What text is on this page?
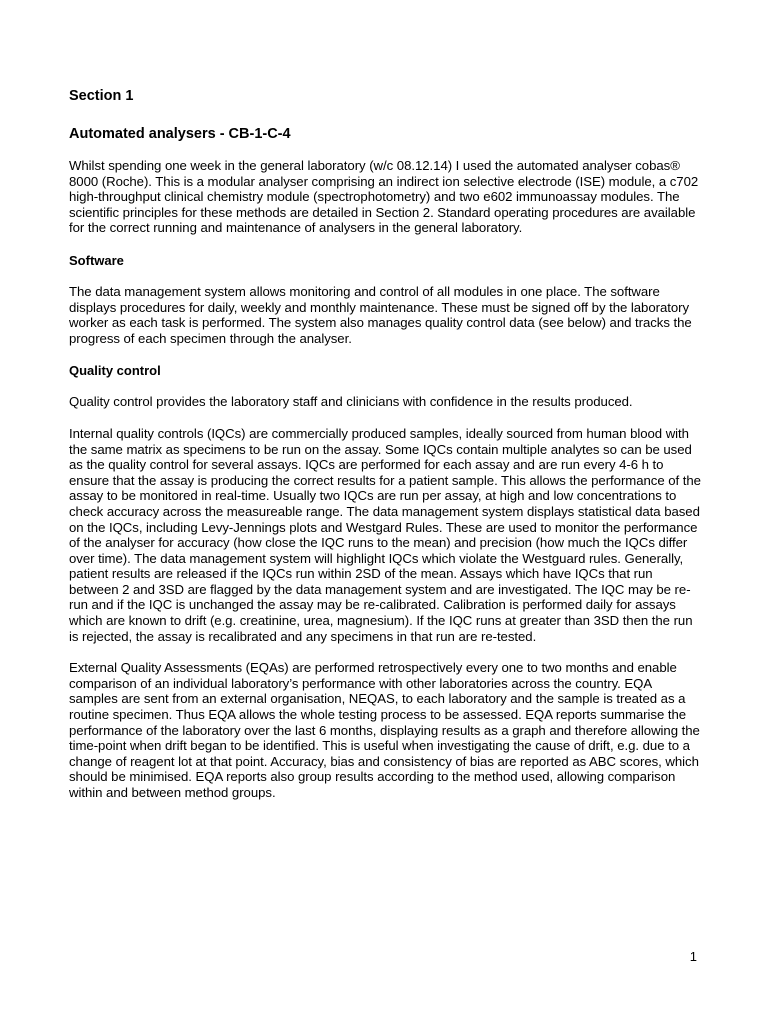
Section 1
Automated analysers - CB-1-C-4

Whilst spending one week in the general laboratory (w/c 08.12.14) I used the automated analyser cobas® 8000 (Roche). This is a modular analyser comprising an indirect ion selective electrode (ISE) module, a c702 high-throughput clinical chemistry module (spectrophotometry) and two e602 immunoassay modules. The scientific principles for these methods are detailed in Section 2. Standard operating procedures are available for the correct running and maintenance of analysers in the general laboratory.

Software

The data management system allows monitoring and control of all modules in one place. The software displays procedures for daily, weekly and monthly maintenance. These must be signed off by the laboratory worker as each task is performed. The system also manages quality control data (see below) and tracks the progress of each specimen through the analyser.

Quality control

Quality control provides the laboratory staff and clinicians with confidence in the results produced.

Internal quality controls (IQCs) are commercially produced samples, ideally sourced from human blood with the same matrix as specimens to be run on the assay. Some IQCs contain multiple analytes so can be used as the quality control for several assays. IQCs are performed for each assay and are run every 4-6 h to ensure that the assay is producing the correct results for a patient sample. This allows the performance of the assay to be monitored in real-time. Usually two IQCs are run per assay, at high and low concentrations to check accuracy across the measureable range. The data management system displays statistical data based on the IQCs, including Levy-Jennings plots and Westgard Rules. These are used to monitor the performance of the analyser for accuracy (how close the IQC runs to the mean) and precision (how much the IQCs differ over time). The data management system will highlight IQCs which violate the Westguard rules. Generally, patient results are released if the IQCs run within 2SD of the mean. Assays which have IQCs that run between 2 and 3SD are flagged by the data management system and are investigated. The IQC may be re-run and if the IQC is unchanged the assay may be re-calibrated. Calibration is performed daily for assays which are known to drift (e.g. creatinine, urea, magnesium). If the IQC runs at greater than 3SD then the run is rejected, the assay is recalibrated and any specimens in that run are re-tested.

External Quality Assessments (EQAs) are performed retrospectively every one to two months and enable comparison of an individual laboratory’s performance with other laboratories across the country. EQA samples are sent from an external organisation, NEQAS, to each laboratory and the sample is treated as a routine specimen. Thus EQA allows the whole testing process to be assessed. EQA reports summarise the performance of the laboratory over the last 6 months, displaying results as a graph and therefore allowing the time-point when drift began to be identified. This is useful when investigating the cause of drift, e.g. due to a change of reagent lot at that point. Accuracy, bias and consistency of bias are reported as ABC scores, which should be minimised. EQA reports also group results according to the method used, allowing comparison within and between method groups.

1
